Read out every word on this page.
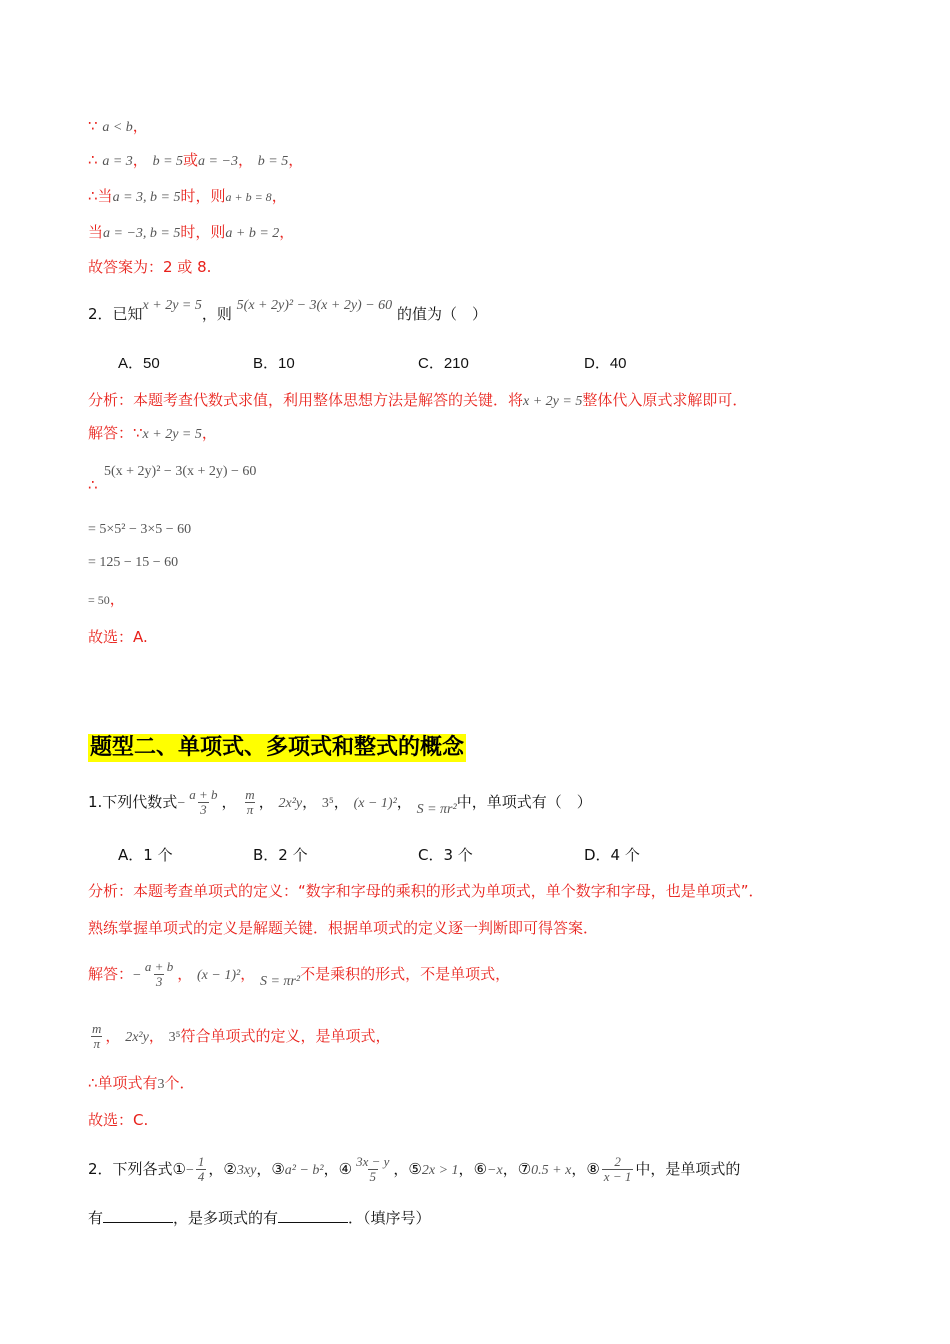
∵ a < b，
∴ a = 3， b = 5或a = −3， b = 5，
∴当a = 3, b = 5时，则a + b = 8，
当a = −3, b = 5时，则a + b = 2，
故答案为：2 或 8.
2．已知x + 2y = 5，则 5(x + 2y)² − 3(x + 2y) − 60 的值为（　）
A．50	B．10	C．210	D．40
分析：本题考查代数式求值，利用整体思想方法是解答的关键．将x + 2y = 5整体代入原式求解即可．
解答：∵x + 2y = 5，
5(x + 2y)² − 3(x + 2y) − 60
∴
= 5×5² − 3×5 − 60
= 125 − 15 − 60
= 50，
故选：A.
题型二、单项式、多项式和整式的概念
1.下列代数式− $\frac{a + b}{3}$ ， $\frac{m}{\pi}$ ， 2x²y， 3⁵， (x − 1)²， S = πr²中，单项式有（　）
A．1 个	B．2 个	C．3 个	D．4 个
分析：本题考查单项式的定义：“数字和字母的乘积的形式为单项式，单个数字和字母，也是单项式”．
熟练掌握单项式的定义是解题关键．根据单项式的定义逐一判断即可得答案．
解答：− $\frac{a + b}{3}$ ， (x − 1)²， S = πr²不是乘积的形式，不是单项式，
$\frac{m}{\pi}$ ， 2x²y， 3⁵符合单项式的定义，是单项式，
∴单项式有3个．
故选：C.
2．下列各式①− $\frac{1}{4}$ ，②3xy，③a² − b²，④ $\frac{3x - y}{5}$ ，⑤2x > 1，⑥−x，⑦0.5 + x，⑧ $\frac{2}{x - 1}$ 中，是单项式的
有	，是多项式的有	．（填序号）
